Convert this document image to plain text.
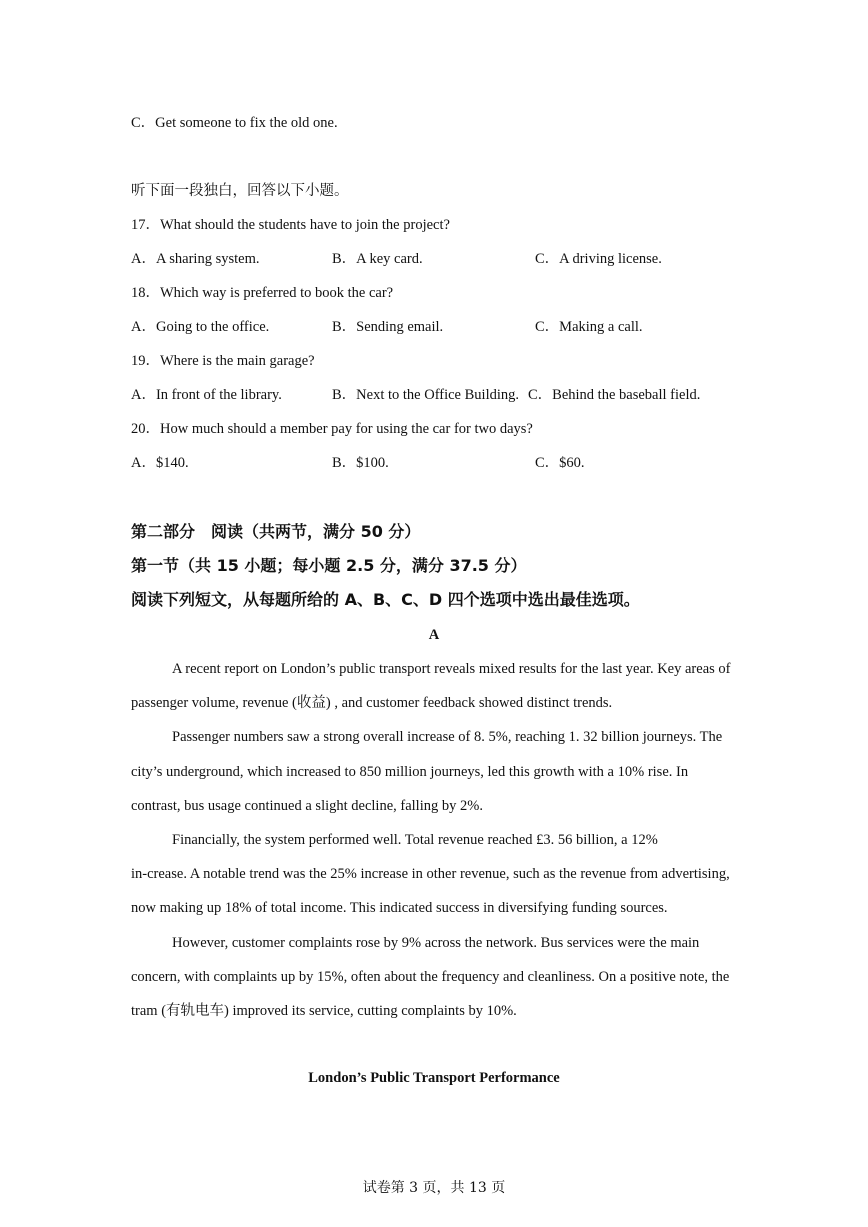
C．Get someone to fix the old one.
听下面一段独白，回答以下小题。
17．What should the students have to join the project?
A．A sharing system.	B．A key card.	C．A driving license.
18．Which way is preferred to book the car?
A．Going to the office.	B．Sending email.	C．Making a call.
19．Where is the main garage?
A．In front of the library.	B．Next to the Office Building. C．Behind the baseball field.
20．How much should a member pay for using the car for two days?
A．$140.	B．$100.	C．$60.
第二部分　阅读（共两节，满分 50 分）
第一节（共 15 小题；每小题 2.5 分，满分 37.5 分）
阅读下列短文，从每题所给的 A、B、C、D 四个选项中选出最佳选项。
A

A recent report on London’s public transport reveals mixed results for the last year. Key areas of passenger volume, revenue (收益) , and customer feedback showed distinct trends.

Passenger numbers saw a strong overall increase of 8. 5%, reaching 1. 32 billion journeys. The city’s underground, which increased to 850 million journeys, led this growth with a 10% rise. In contrast, bus usage continued a slight decline, falling by 2%.

Financially, the system performed well. Total revenue reached £3. 56 billion, a 12%

in-crease. A notable trend was the 25% increase in other revenue, such as the revenue from advertising, now making up 18% of total income. This indicated success in diversifying funding sources.

However, customer complaints rose by 9% across the network. Bus services were the main concern, with complaints up by 15%, often about the frequency and cleanliness. On a positive note, the tram (有轨电车) improved its service, cutting complaints by 10%.

London’s Public Transport Performance
试卷第 3 页，共 13 页
